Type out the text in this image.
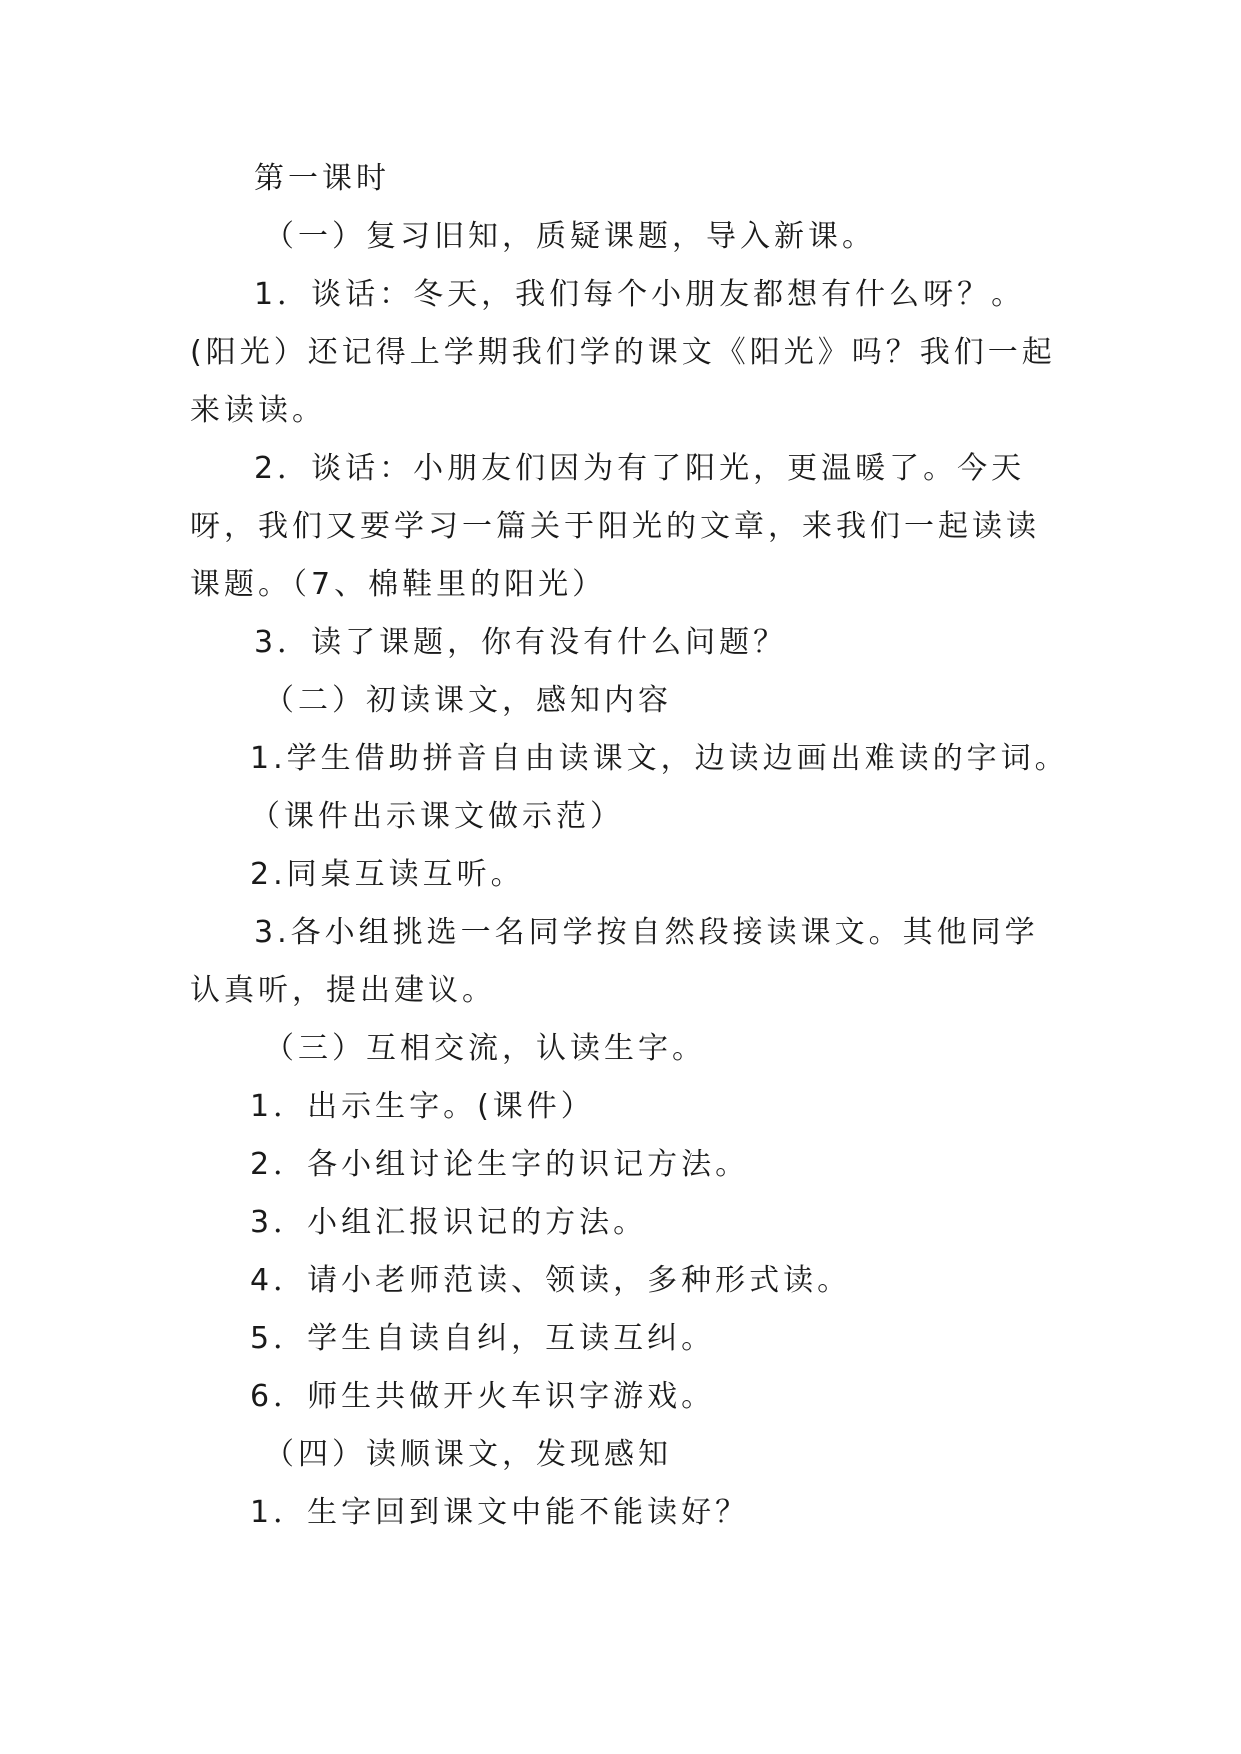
第一课时

（一）复习旧知，质疑课题，导入新课。

1．谈话：冬天，我们每个小朋友都想有什么呀？。(阳光）还记得上学期我们学的课文《阳光》吗？我们一起来读读。

2．谈话：小朋友们因为有了阳光，更温暖了。今天呀，我们又要学习一篇关于阳光的文章，来我们一起读读课题。（7、棉鞋里的阳光）

3．读了课题，你有没有什么问题？

（二）初读课文，感知内容

1.学生借助拼音自由读课文，边读边画出难读的字词。（课件出示课文做示范）

2.同桌互读互听。

3.各小组挑选一名同学按自然段接读课文。其他同学认真听，提出建议。

（三）互相交流，认读生字。

1．出示生字。(课件）

2．各小组讨论生字的识记方法。

3．小组汇报识记的方法。

4．请小老师范读、领读，多种形式读。

5．学生自读自纠，互读互纠。

6．师生共做开火车识字游戏。

（四）读顺课文，发现感知

1．生字回到课文中能不能读好？
